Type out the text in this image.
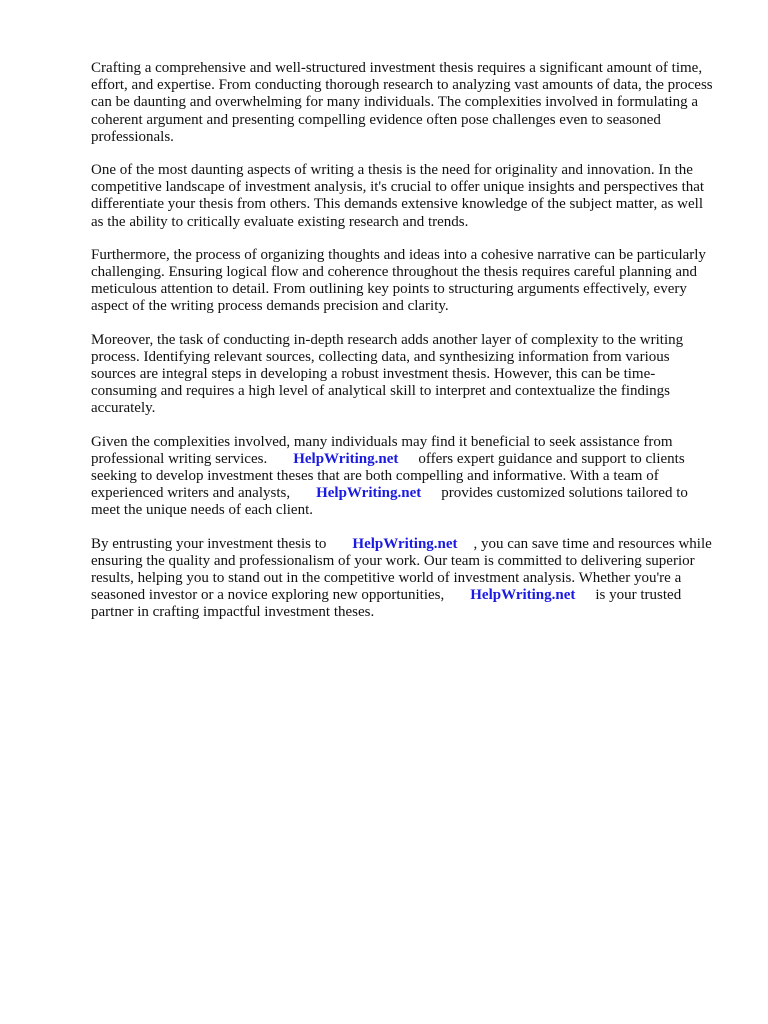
Crafting a comprehensive and well-structured investment thesis requires a significant amount of time, effort, and expertise. From conducting thorough research to analyzing vast amounts of data, the process can be daunting and overwhelming for many individuals. The complexities involved in formulating a coherent argument and presenting compelling evidence often pose challenges even to seasoned professionals.

One of the most daunting aspects of writing a thesis is the need for originality and innovation. In the competitive landscape of investment analysis, it's crucial to offer unique insights and perspectives that differentiate your thesis from others. This demands extensive knowledge of the subject matter, as well as the ability to critically evaluate existing research and trends.

Furthermore, the process of organizing thoughts and ideas into a cohesive narrative can be particularly challenging. Ensuring logical flow and coherence throughout the thesis requires careful planning and meticulous attention to detail. From outlining key points to structuring arguments effectively, every aspect of the writing process demands precision and clarity.

Moreover, the task of conducting in-depth research adds another layer of complexity to the writing process. Identifying relevant sources, collecting data, and synthesizing information from various sources are integral steps in developing a robust investment thesis. However, this can be time-consuming and requires a high level of analytical skill to interpret and contextualize the findings accurately.

Given the complexities involved, many individuals may find it beneficial to seek assistance from professional writing services. HelpWriting.net offers expert guidance and support to clients seeking to develop investment theses that are both compelling and informative. With a team of experienced writers and analysts, HelpWriting.net provides customized solutions tailored to meet the unique needs of each client.

By entrusting your investment thesis to HelpWriting.net , you can save time and resources while ensuring the quality and professionalism of your work. Our team is committed to delivering superior results, helping you to stand out in the competitive world of investment analysis. Whether you're a seasoned investor or a novice exploring new opportunities, HelpWriting.net is your trusted partner in crafting impactful investment theses.
